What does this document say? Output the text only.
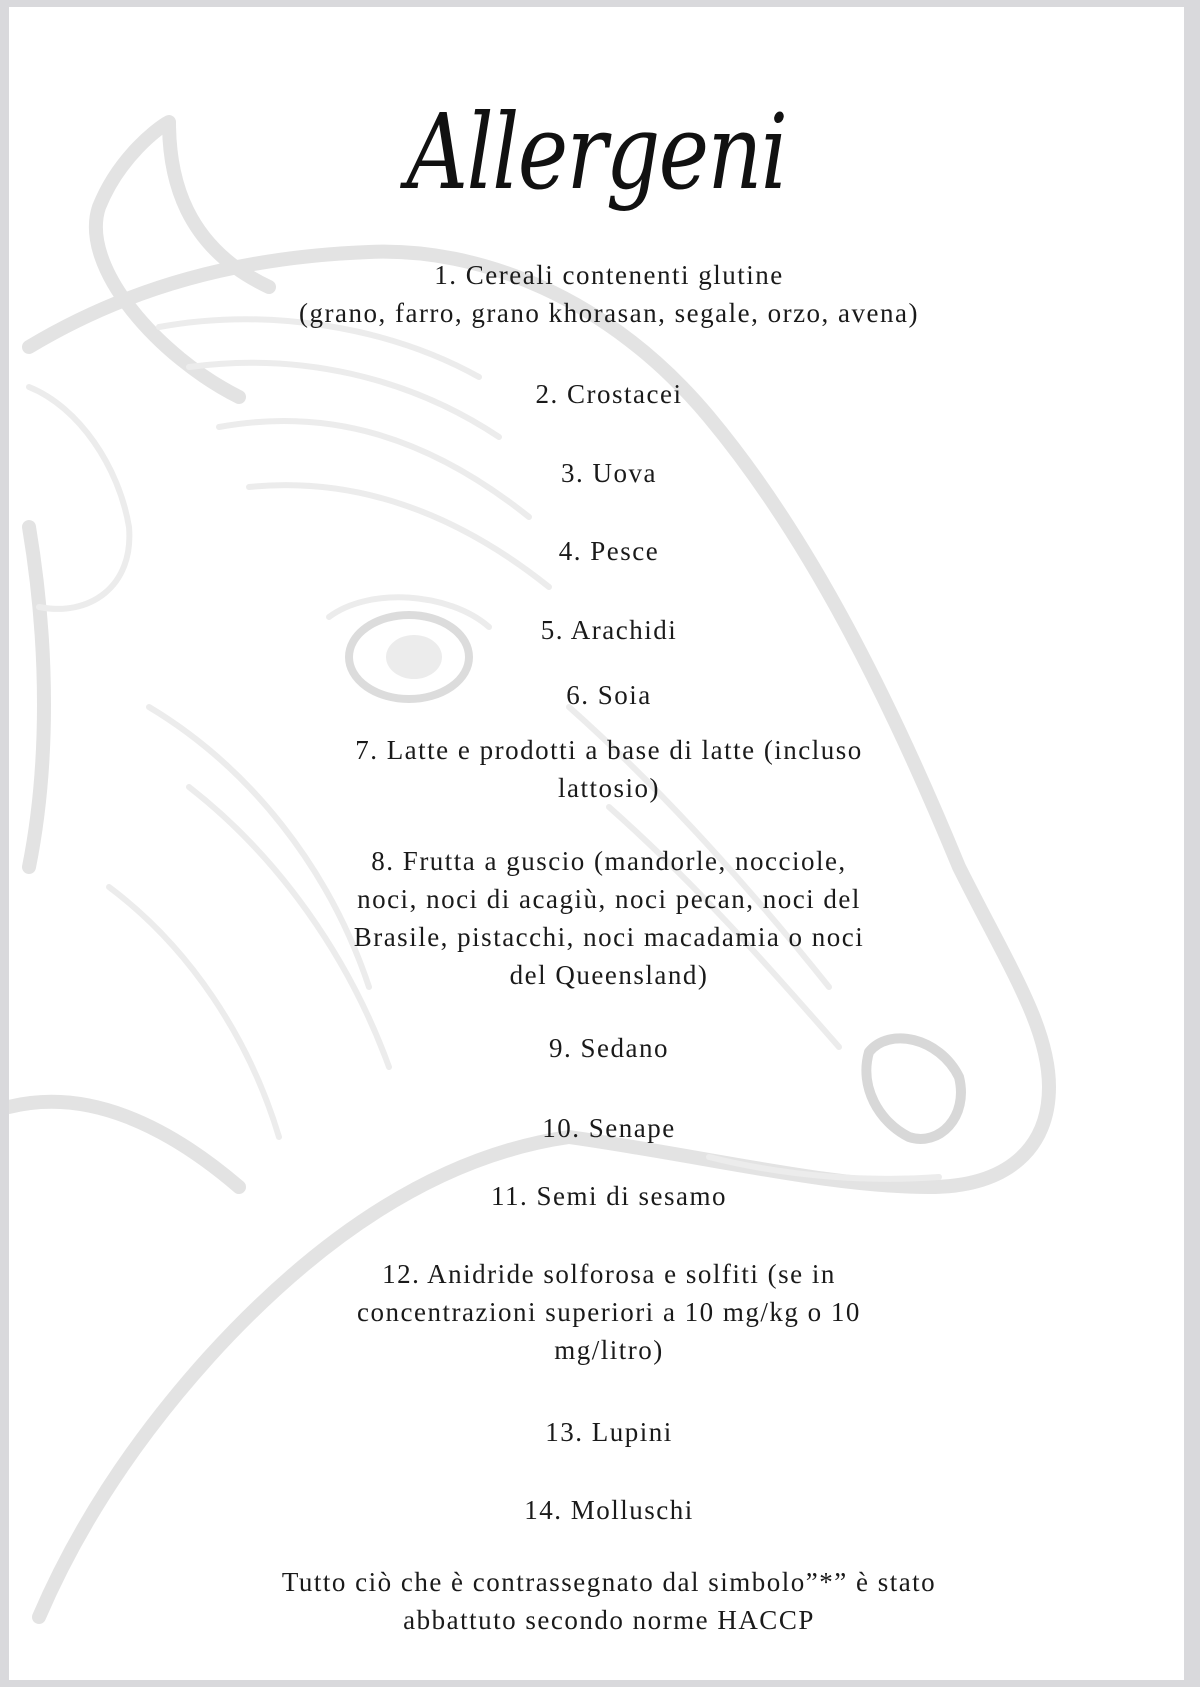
Allergeni
1. Cereali contenenti glutine
(grano, farro, grano khorasan, segale, orzo, avena)
2. Crostacei
3. Uova
4. Pesce
5. Arachidi
6. Soia
7. Latte e prodotti a base di latte (incluso
lattosio)
8. Frutta a guscio (mandorle, nocciole,
noci, noci di acagiù, noci pecan, noci del
Brasile, pistacchi, noci macadamia o noci
del Queensland)
9. Sedano
10. Senape
11. Semi di sesamo
12. Anidride solforosa e solfiti (se in
concentrazioni superiori a 10 mg/kg o 10
mg/litro)
13. Lupini
14. Molluschi
Tutto ciò che è contrassegnato dal simbolo”*” è stato
abbattuto secondo norme HACCP
